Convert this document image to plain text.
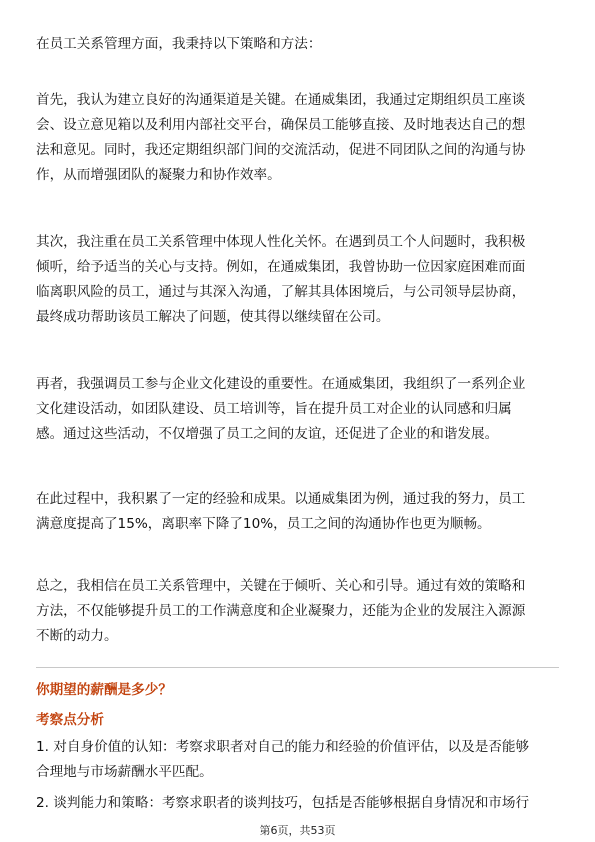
在员工关系管理方面，我秉持以下策略和方法：

首先，我认为建立良好的沟通渠道是关键。在通威集团，我通过定期组织员工座谈
会、设立意见箱以及利用内部社交平台，确保员工能够直接、及时地表达自己的想
法和意见。同时，我还定期组织部门间的交流活动，促进不同团队之间的沟通与协
作，从而增强团队的凝聚力和协作效率。

其次，我注重在员工关系管理中体现人性化关怀。在遇到员工个人问题时，我积极
倾听，给予适当的关心与支持。例如，在通威集团，我曾协助一位因家庭困难而面
临离职风险的员工，通过与其深入沟通，了解其具体困境后，与公司领导层协商，
最终成功帮助该员工解决了问题，使其得以继续留在公司。

再者，我强调员工参与企业文化建设的重要性。在通威集团，我组织了一系列企业
文化建设活动，如团队建设、员工培训等，旨在提升员工对企业的认同感和归属
感。通过这些活动，不仅增强了员工之间的友谊，还促进了企业的和谐发展。

在此过程中，我积累了一定的经验和成果。以通威集团为例，通过我的努力，员工
满意度提高了15%，离职率下降了10%，员工之间的沟通协作也更为顺畅。

总之，我相信在员工关系管理中，关键在于倾听、关心和引导。通过有效的策略和
方法，不仅能够提升员工的工作满意度和企业凝聚力，还能为企业的发展注入源源
不断的动力。

你期望的薪酬是多少？
考察点分析
1. 对自身价值的认知：考察求职者对自己的能力和经验的价值评估，以及是否能够
合理地与市场薪酬水平匹配。
2. 谈判能力和策略：考察求职者的谈判技巧，包括是否能够根据自身情况和市场行
第6页，共53页
